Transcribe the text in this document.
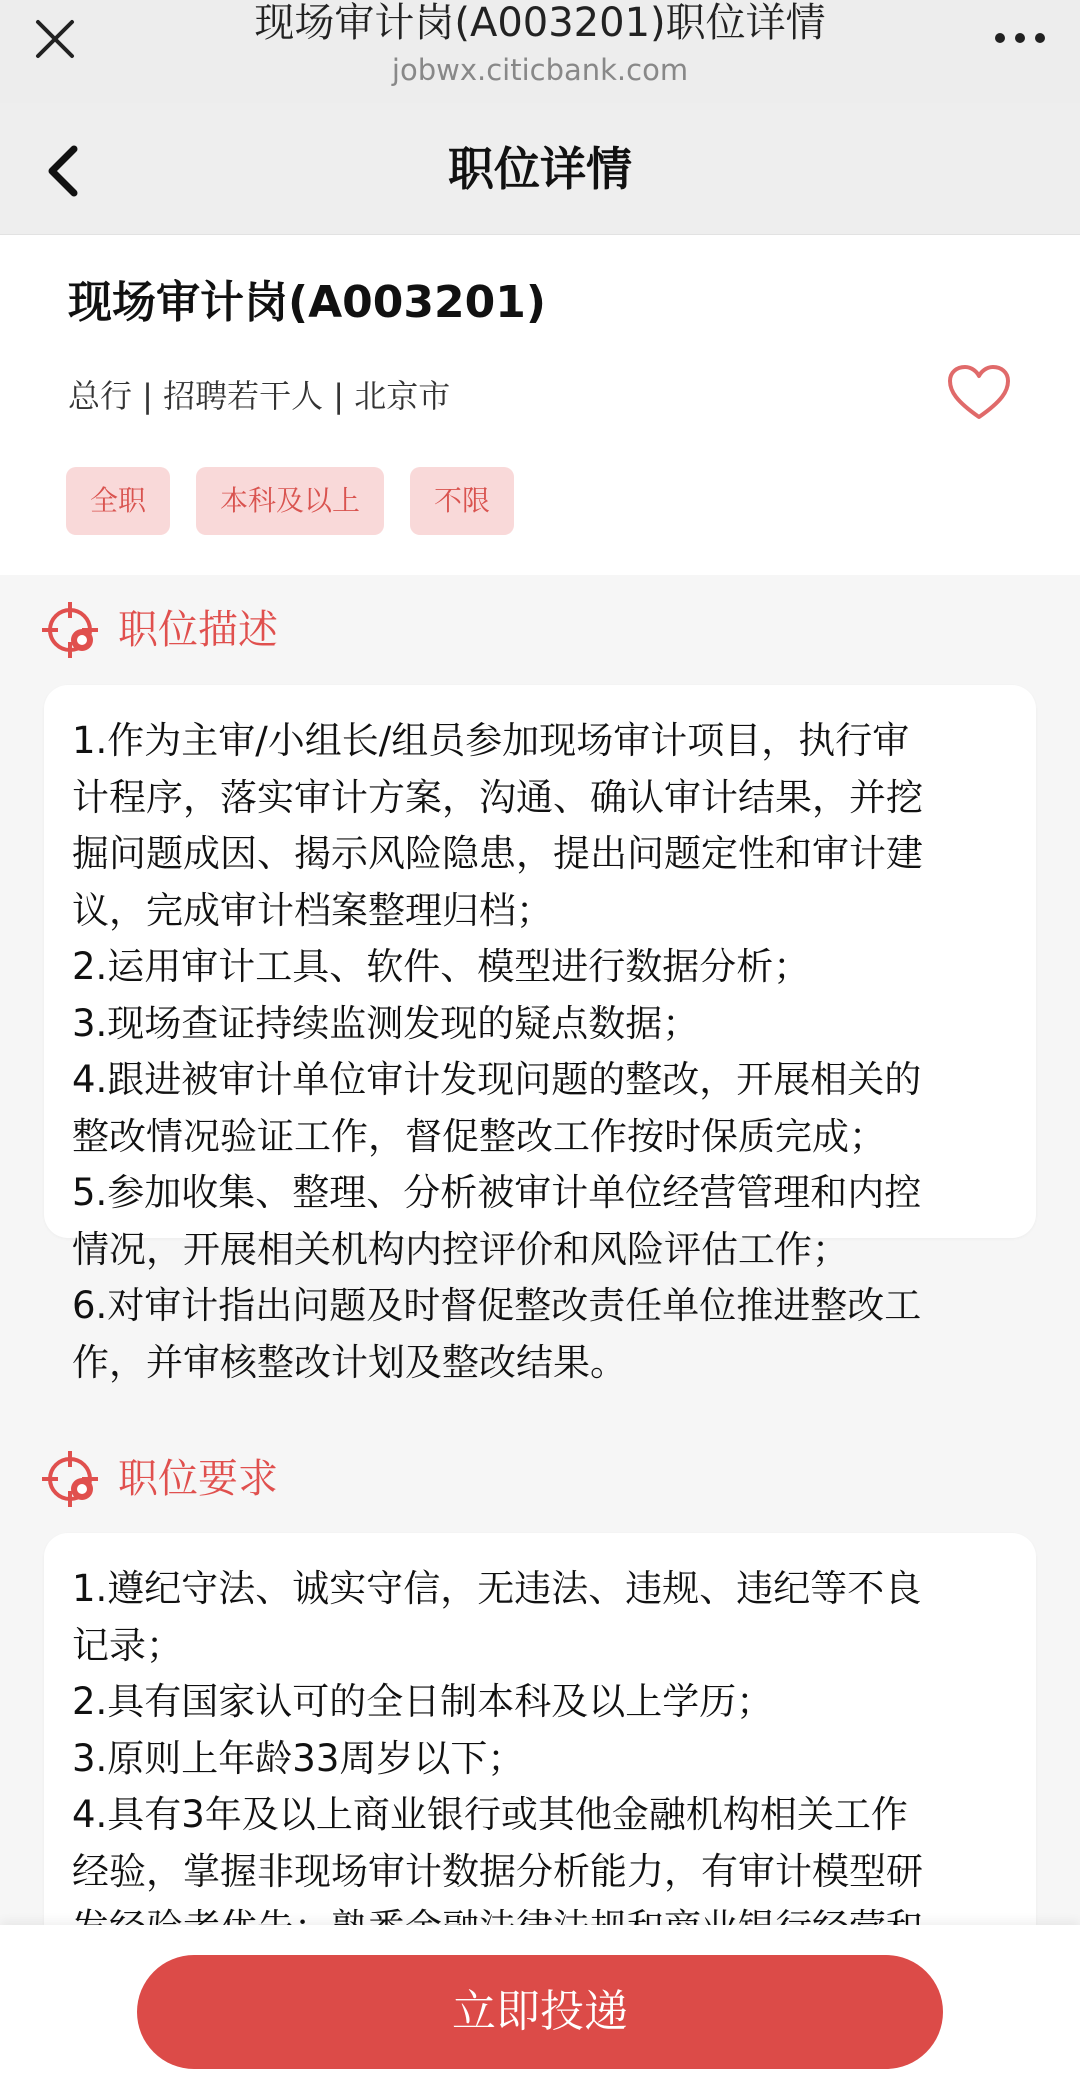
现场审计岗(A003201)职位详情
jobwx.citicbank.com
职位详情
现场审计岗(A003201)
总行 | 招聘若干人 | 北京市
全职	本科及以上	不限
职位描述
1.作为主审/小组长/组员参加现场审计项目，执行审
计程序，落实审计方案，沟通、确认审计结果，并挖
掘问题成因、揭示风险隐患，提出问题定性和审计建
议，完成审计档案整理归档；
2.运用审计工具、软件、模型进行数据分析；
3.现场查证持续监测发现的疑点数据；
4.跟进被审计单位审计发现问题的整改，开展相关的
整改情况验证工作，督促整改工作按时保质完成；
5.参加收集、整理、分析被审计单位经营管理和内控
情况，开展相关机构内控评价和风险评估工作；
6.对审计指出问题及时督促整改责任单位推进整改工
作，并审核整改计划及整改结果。
职位要求
1.遵纪守法、诚实守信，无违法、违规、违纪等不良
记录；
2.具有国家认可的全日制本科及以上学历；
3.原则上年龄33周岁以下；
4.具有3年及以上商业银行或其他金融机构相关工作
经验，掌握非现场审计数据分析能力，有审计模型研
立即投递
